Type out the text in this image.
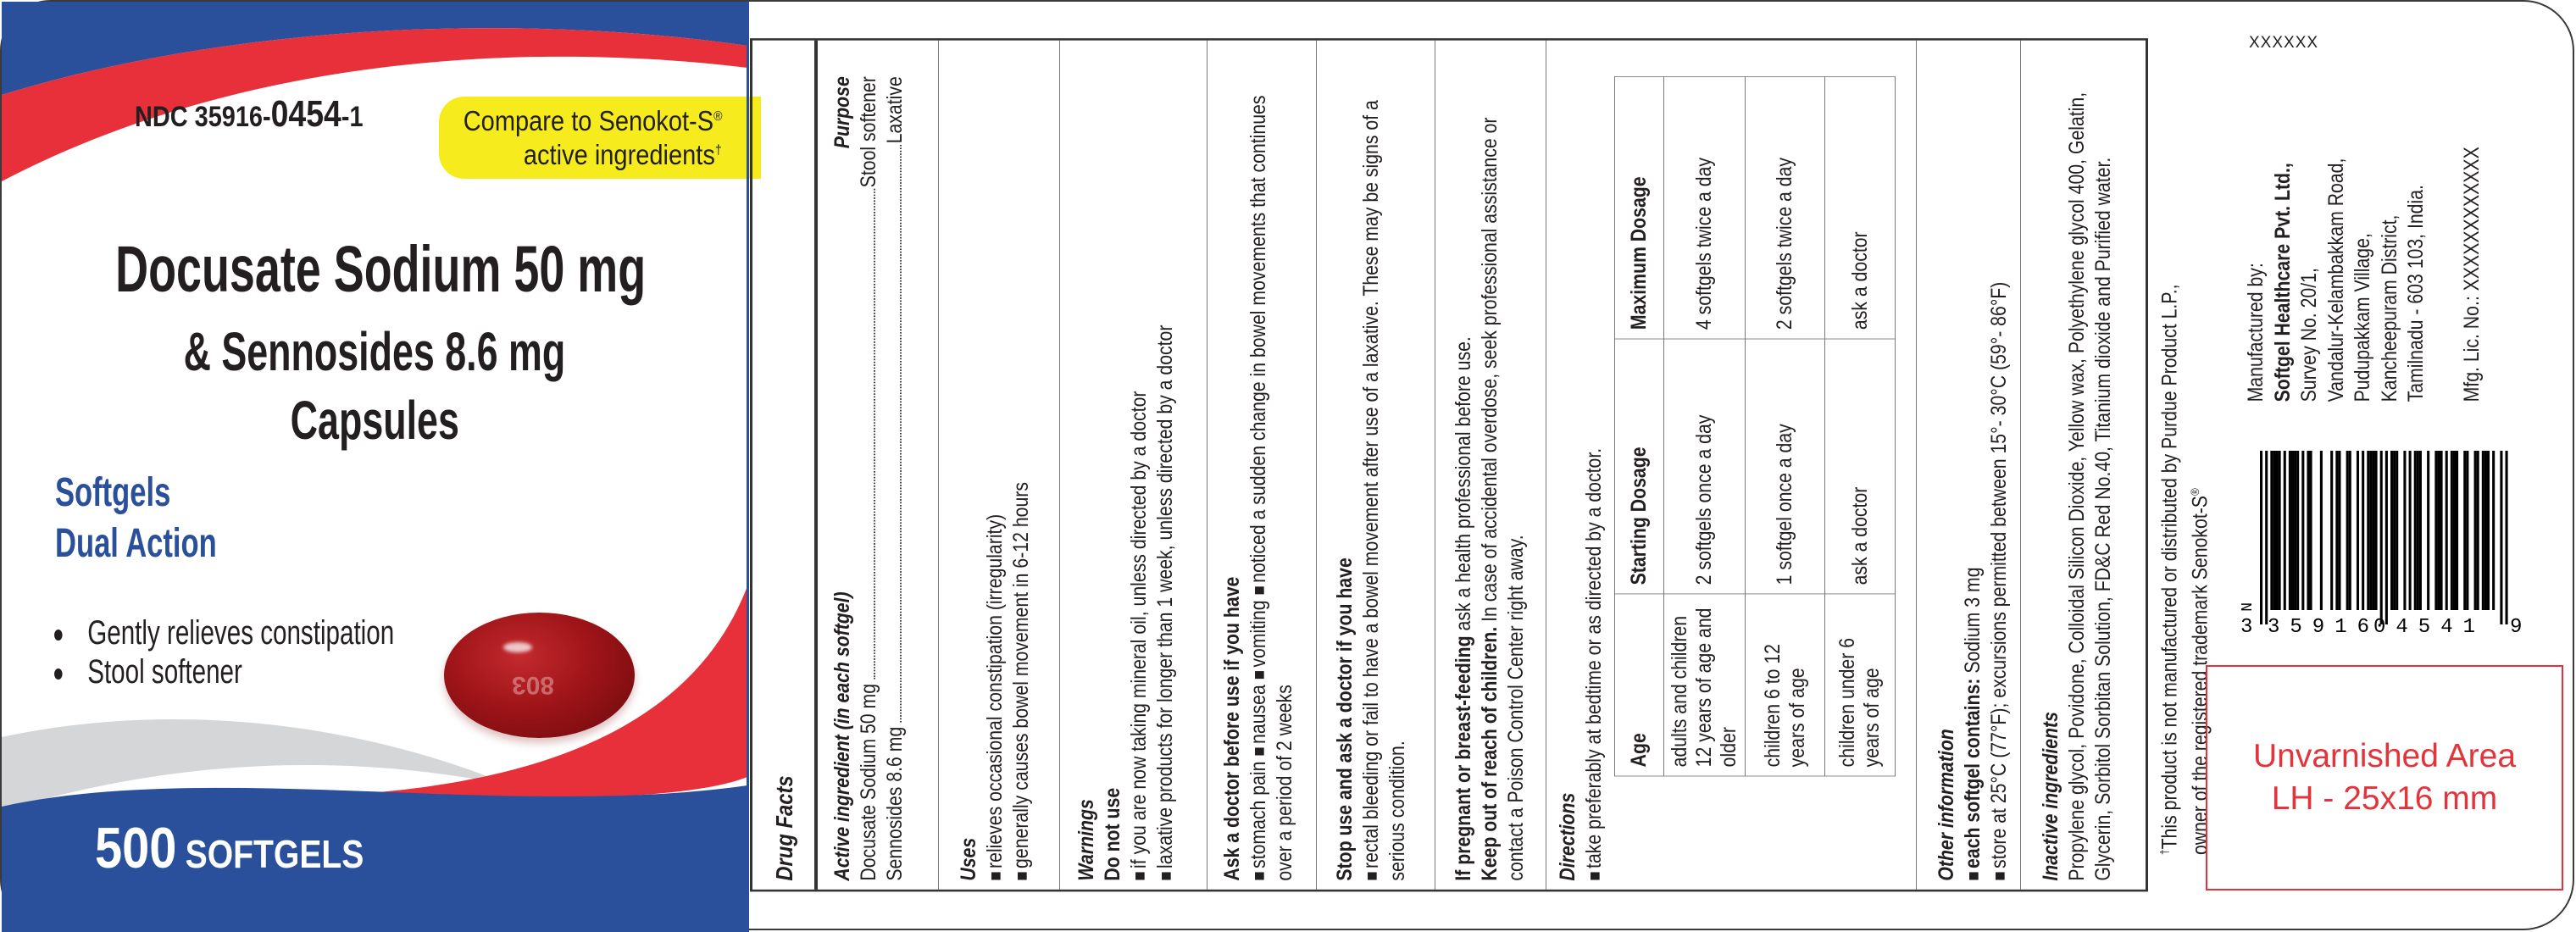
NDC 35916-0454-1	Compare to Senokot-S®
active ingredients†
Docusate Sodium 50 mg
& Sennosides 8.6 mg
Capsules
Softgels
Dual Action
Gently relieves constipation
Stool softener	803
500 SOFTGELS	Drug Facts	Active ingredient (in each softgel)
Purpose
Docusate Sodium 50 mg
Stool softener
Sennosides 8.6 mg
Laxative
Uses ■relieves occasional constipation (irregularity)
■generally causes bowel movement in 6-12 hours Warnings Do not use ■if you are now taking mineral oil, unless directed by a doctor
■laxative products for longer than 1 week, unless directed by a doctor Ask a doctor before use if you have ■stomach pain ■nausea ■vomiting ■noticed a sudden change in bowel movements that continues over a period of 2 weeks Stop use and ask a doctor if you have ■rectal bleeding or fail to have a bowel movement after use of a laxative. These may be signs of a serious condition. If pregnant or breast-feeding ask a health professional before use.
Keep out of reach of children. In case of accidental overdose, seek professional assistance or contact a Poison Control Center right away. Directions ■take preferably at bedtime or as directed by a doctor. Age	Starting Dosage	Maximum Dosage
adults and children 12 years of age and older	2 softgels once a day	4 softgels twice a day
children 6 to 12 years of age	1 softgel once a day	2 softgels twice a day
children under 6 years of age	ask a doctor	ask a doctor
Other information ■each softgel contains: Sodium 3 mg
■store at 25°C (77°F); excursions permitted between 15°- 30°C (59°- 86°F) Inactive ingredients Propylene glycol, Povidone, Colloidal Silicon Dioxide, Yellow wax, Polyethylene glycol 400, Gelatin, Glycerin, Sorbitol Sorbitan Solution, FD&C Red No.40, Titanium dioxide and Purified water.	†This product is not manufactured or distributed by Purdue Product L.P., owner of the registered trademark Senokot-S®
Manufactured by: Softgel Healthcare Pvt. Ltd., Survey No. 20/1, Vandalur-Kelambakkam Road, Pudupakkam Village, Kancheepuram District, Tamilnadu - 603 103, India. Mfg. Lic. No.: XXXXXXXXXXXX
XXXXXX
N
3 35916
04541 9
Unvarnished Area
LH - 25x16 mm
